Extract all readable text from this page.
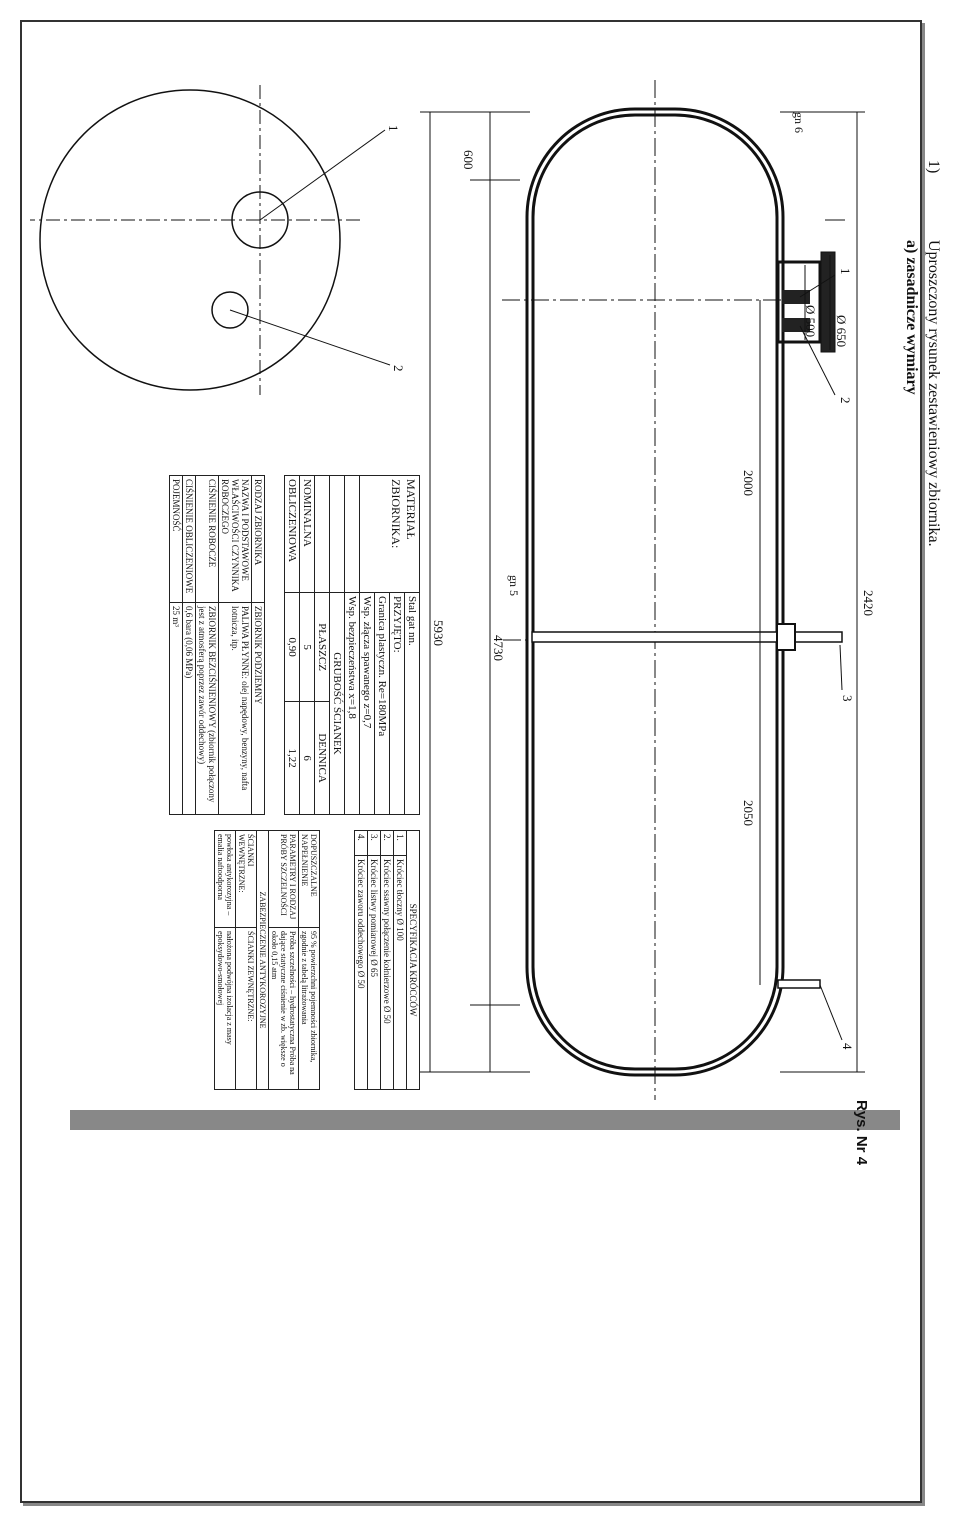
2420
600
Ø 650
Ø 500
2000
2050
4730
5930
gn 5
gn 6
1
2
3
4
1
2
1)
Uproszczony rysunek zestawieniowy zbiornika.
a) zasadnicze wymiary
MATERIAŁ ZBIORNIKA:	Stal gat nn.	
	PRZYJĘTO:	
	Granica plastyczn. Re=180MPa	
	Wsp. złącza spawanego z=0,7	
	Wsp. bezpieczeństwa x=1,8	
	GRUBOŚĆ ŚCIANEK	
	PŁASZCZ	DENNICA
NOMINALNA	5	6
OBLICZENIOWA	0,90	1,22
RODZAJ ZBIORNIKA	ZBIORNIK PODZIEMNY
NAZWA I PODSTAWOWE WŁAŚCIWOŚCI CZYNNIKA ROBOCZEGO	PALIWA PŁYNNE: olej napędowy, benzyny, nafta lotnicza, itp.
CIŚNIENIE ROBOCZE	ZBIORNIK BEZCIŚNIENIOWY (zbiornik połączony jest z atmosferą poprzez zawór oddechowy)
CIŚNIENIE OBLICZENIOWE	0,6 bara (0,06 MPa)
POJEMNOŚĆ	25 m³
SPECYFIKACJA KRÓCCÓW	
1.	Króciec tłoczny Ø 100
2.	Króciec ssawny połączenie kołnierzowe Ø 50
3.	Króciec listwy pomiarowej Ø 65
4.	Króciec zaworu oddechowego Ø 50
DOPUSZCZALNE NAPEŁNIENIE	95 % powierzchni pojemności zbiornika, zgodnie z tabelą litrażowania
PARAMETRY I RODZAJ PRÓBY SZCZELNOŚCI	Próba szczelności – hydrostatyczna Próba na dające statyczne ciśnienie w zb. większe o około 0,15 atm
ZABEZPIECZENIE ANTYKOROZYJNE	
ŚCIANKI WEWNĘTRZNE:	ŚCIANKI ZEWNĘTRZNE:
powłoka antykorozyjna – emalia naftoodporna	nałożona podwójna izolacja z masy epoksydowo-smołowej
Rys. Nr 4
